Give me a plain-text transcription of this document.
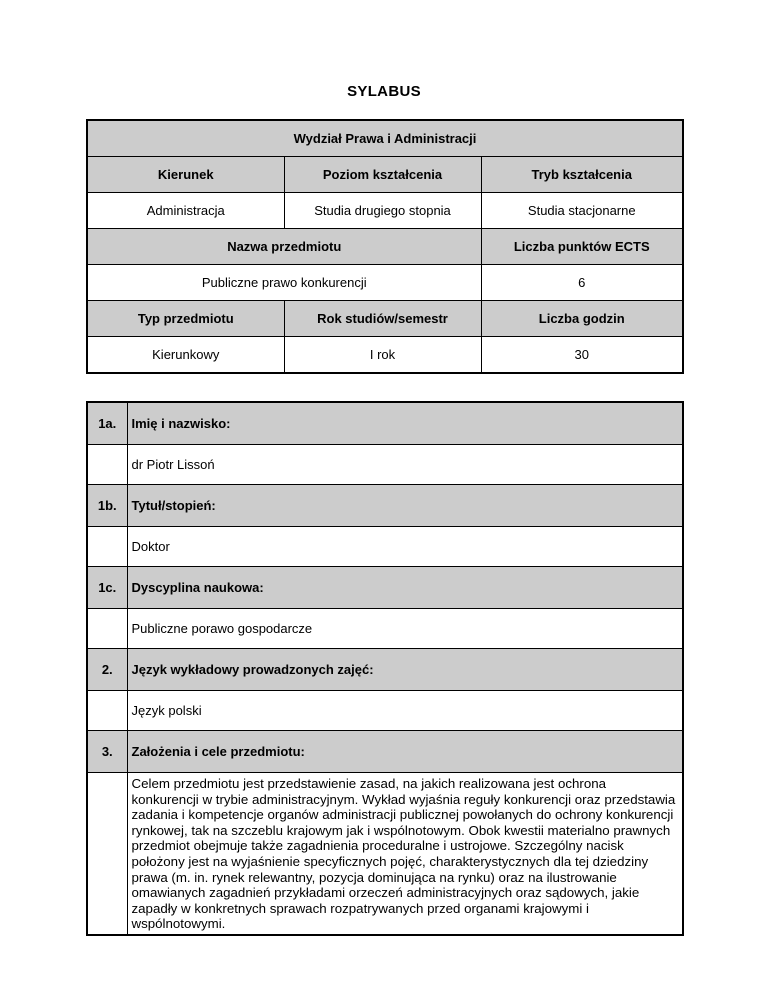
SYLABUS
Wydział Prawa i Administracji		
Kierunek	Poziom kształcenia	Tryb kształcenia
Administracja	Studia drugiego stopnia	Studia stacjonarne
Nazwa przedmiotu		Liczba punktów ECTS
Publiczne prawo konkurencji		6
Typ przedmiotu	Rok studiów/semestr	Liczba godzin
Kierunkowy	I rok	30
1a.	Imię i nazwisko:
	dr Piotr Lissoń
1b.	Tytuł/stopień:
	Doktor
1c.	Dyscyplina naukowa:
	Publiczne porawo gospodarcze
2.	Język wykładowy prowadzonych zajęć:
	Język polski
3.	Założenia i cele przedmiotu:
	Celem przedmiotu jest przedstawienie zasad, na jakich realizowana jest ochrona konkurencji w trybie administracyjnym. Wykład wyjaśnia reguły konkurencji oraz przedstawia zadania i kompetencje organów administracji publicznej powołanych do ochrony konkurencji rynkowej, tak na szczeblu krajowym jak i wspólnotowym. Obok kwestii materialno prawnych przedmiot obejmuje także zagadnienia proceduralne i ustrojowe. Szczególny nacisk położony jest na wyjaśnienie specyficznych pojęć, charakterystycznych dla tej dziedziny prawa (m. in. rynek relewantny, pozycja dominująca na rynku) oraz na ilustrowanie omawianych zagadnień przykładami orzeczeń administracyjnych oraz sądowych, jakie zapadły w konkretnych sprawach rozpatrywanych przed organami krajowymi i wspólnotowymi.
